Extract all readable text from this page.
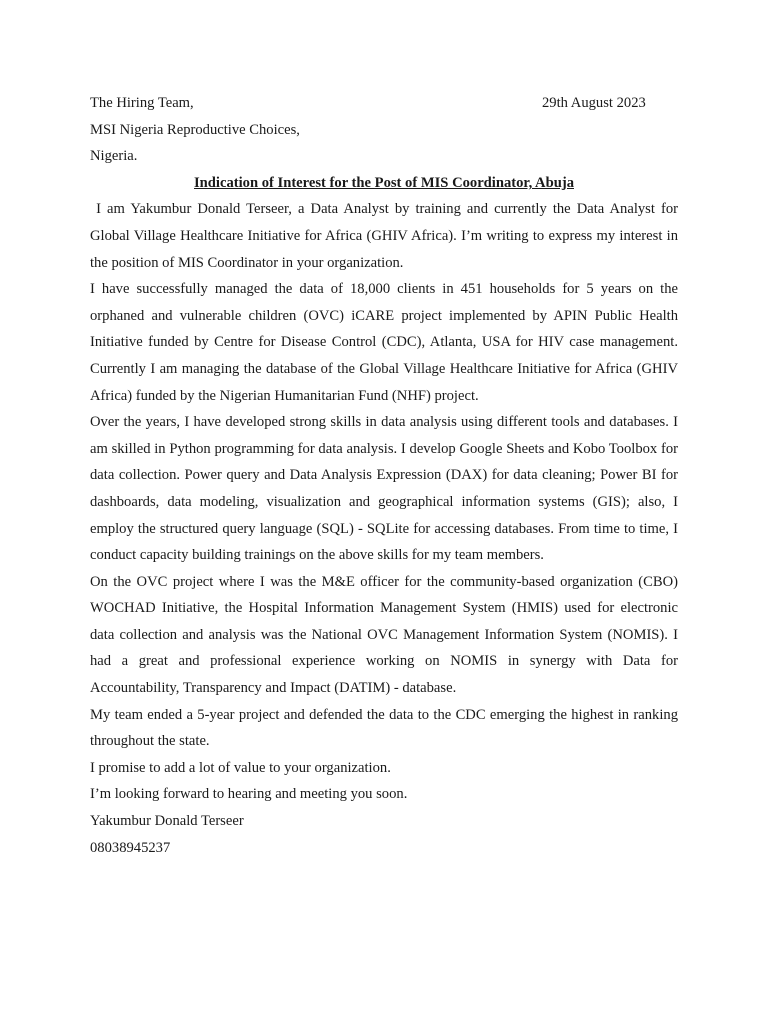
The Hiring Team,	29th August 2023

MSI Nigeria Reproductive Choices,

Nigeria.

Indication of Interest for the Post of MIS Coordinator, Abuja

I am Yakumbur Donald Terseer, a Data Analyst by training and currently the Data Analyst for Global Village Healthcare Initiative for Africa (GHIV Africa). I’m writing to express my interest in the position of MIS Coordinator in your organization.

I have successfully managed the data of 18,000 clients in 451 households for 5 years on the orphaned and vulnerable children (OVC) iCARE project implemented by APIN Public Health Initiative funded by Centre for Disease Control (CDC), Atlanta, USA for HIV case management. Currently I am managing the database of the Global Village Healthcare Initiative for Africa (GHIV Africa) funded by the Nigerian Humanitarian Fund (NHF) project.

Over the years, I have developed strong skills in data analysis using different tools and databases. I am skilled in Python programming for data analysis. I develop Google Sheets and Kobo Toolbox for data collection. Power query and Data Analysis Expression (DAX) for data cleaning; Power BI for dashboards, data modeling, visualization and geographical information systems (GIS); also, I employ the structured query language (SQL) - SQLite for accessing databases. From time to time, I conduct capacity building trainings on the above skills for my team members.

On the OVC project where I was the M&E officer for the community-based organization (CBO) WOCHAD Initiative, the Hospital Information Management System (HMIS) used for electronic data collection and analysis was the National OVC Management Information System (NOMIS). I had a great and professional experience working on NOMIS in synergy with Data for Accountability, Transparency and Impact (DATIM) - database.

My team ended a 5-year project and defended the data to the CDC emerging the highest in ranking throughout the state.

I promise to add a lot of value to your organization.

I’m looking forward to hearing and meeting you soon.

Yakumbur Donald Terseer

08038945237
